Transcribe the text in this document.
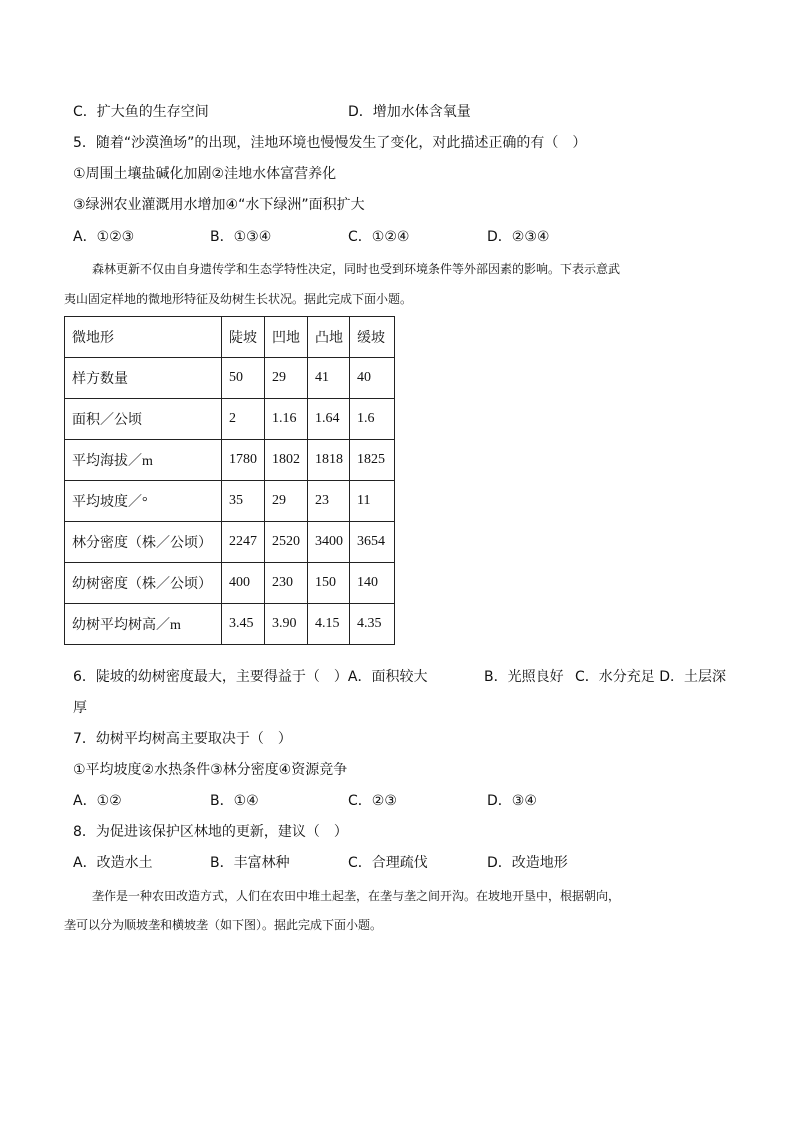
C．扩大鱼的生存空间	D．增加水体含氧量
5．随着“沙漠渔场”的出现，洼地环境也慢慢发生了变化，对此描述正确的有（　）
①周围土壤盐碱化加剧②洼地水体富营养化
③绿洲农业灌溉用水增加④“水下绿洲”面积扩大
A．①②③	B．①③④	C．①②④	D．②③④
森林更新不仅由自身遗传学和生态学特性决定，同时也受到环境条件等外部因素的影响。下表示意武
夷山固定样地的微地形特征及幼树生长状况。据此完成下面小题。
微地形	陡坡	凹地	凸地	缓坡
样方数量	50	29	41	40
面积／公顷	2	1.16	1.64	1.6
平均海拔／m	1780	1802	1818	1825
平均坡度／°	35	29	23	11
林分密度（株／公顷）	2247	2520	3400	3654
幼树密度（株／公顷）	400	230	150	140
幼树平均树高／m	3.45	3.90	4.15	4.35
6．陡坡的幼树密度最大，主要得益于（　）A．面积较大	B．光照良好 C．水分充足 D．土层深
厚
7．幼树平均树高主要取决于（　）
①平均坡度②水热条件③林分密度④资源竞争
A．①②	B．①④	C．②③	D．③④
8．为促进该保护区林地的更新，建议（　）
A．改造水土	B．丰富林种	C．合理疏伐	D．改造地形
垄作是一种农田改造方式，人们在农田中堆土起垄，在垄与垄之间开沟。在坡地开垦中，根据朝向，
垄可以分为顺坡垄和横坡垄（如下图）。据此完成下面小题。
